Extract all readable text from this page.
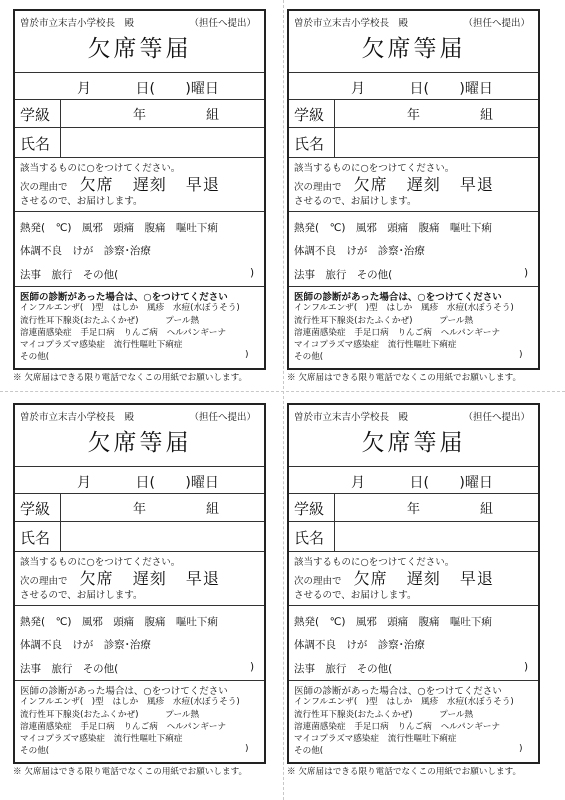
曽於市立末吉小学校長　殿	（担任へ提出）
欠席等届
月	日( )曜日
学級	年	組
氏名
該当するものに○をつけてください。
次の理由で 欠席 遅刻 早退
させるので、お届けします。
熱発(　℃) 風邪 頭痛 腹痛 嘔吐下痢
体調不良 けが 診察･治療
法事 旅行 その他(	)
医師の診断があった場合は、○をつけてください
インフルエンザ(　)型 はしか 風疹 水痘(水ぼうそう)
流行性耳下腺炎(おたふくかぜ)	プール熱
溶連菌感染症 手足口病 りんご病 ヘルパンギーナ
マイコプラズマ感染症 流行性嘔吐下痢症
その他(	)
※ 欠席届はできる限り電話でなくこの用紙でお願いします。
曽於市立末吉小学校長　殿	（担任へ提出）
欠席等届
月	日( )曜日
学級	年	組
氏名
該当するものに○をつけてください。
次の理由で 欠席 遅刻 早退
させるので、お届けします。
熱発(　℃) 風邪 頭痛 腹痛 嘔吐下痢
体調不良 けが 診察･治療
法事 旅行 その他(	)
医師の診断があった場合は、○をつけてください
インフルエンザ(　)型 はしか 風疹 水痘(水ぼうそう)
流行性耳下腺炎(おたふくかぜ)	プール熱
溶連菌感染症 手足口病 りんご病 ヘルパンギーナ
マイコプラズマ感染症 流行性嘔吐下痢症
その他(	)
※ 欠席届はできる限り電話でなくこの用紙でお願いします。
曽於市立末吉小学校長　殿	（担任へ提出）
欠席等届
月	日( )曜日
学級	年	組
氏名
該当するものに○をつけてください。
次の理由で 欠席 遅刻 早退
させるので、お届けします。
熱発(　℃) 風邪 頭痛 腹痛 嘔吐下痢
体調不良 けが 診察･治療
法事 旅行 その他(	)
医師の診断があった場合は、○をつけてください
インフルエンザ(　)型 はしか 風疹 水痘(水ぼうそう)
流行性耳下腺炎(おたふくかぜ)	プール熱
溶連菌感染症 手足口病 りんご病 ヘルパンギーナ
マイコプラズマ感染症 流行性嘔吐下痢症
その他(	)
※ 欠席届はできる限り電話でなくこの用紙でお願いします。
曽於市立末吉小学校長　殿	（担任へ提出）
欠席等届
月	日( )曜日
学級	年	組
氏名
該当するものに○をつけてください。
次の理由で 欠席 遅刻 早退
させるので、お届けします。
熱発(　℃) 風邪 頭痛 腹痛 嘔吐下痢
体調不良 けが 診察･治療
法事 旅行 その他(	)
医師の診断があった場合は、○をつけてください
インフルエンザ(　)型 はしか 風疹 水痘(水ぼうそう)
流行性耳下腺炎(おたふくかぜ)	プール熱
溶連菌感染症 手足口病 りんご病 ヘルパンギーナ
マイコプラズマ感染症 流行性嘔吐下痢症
その他(	)
※ 欠席届はできる限り電話でなくこの用紙でお願いします。
